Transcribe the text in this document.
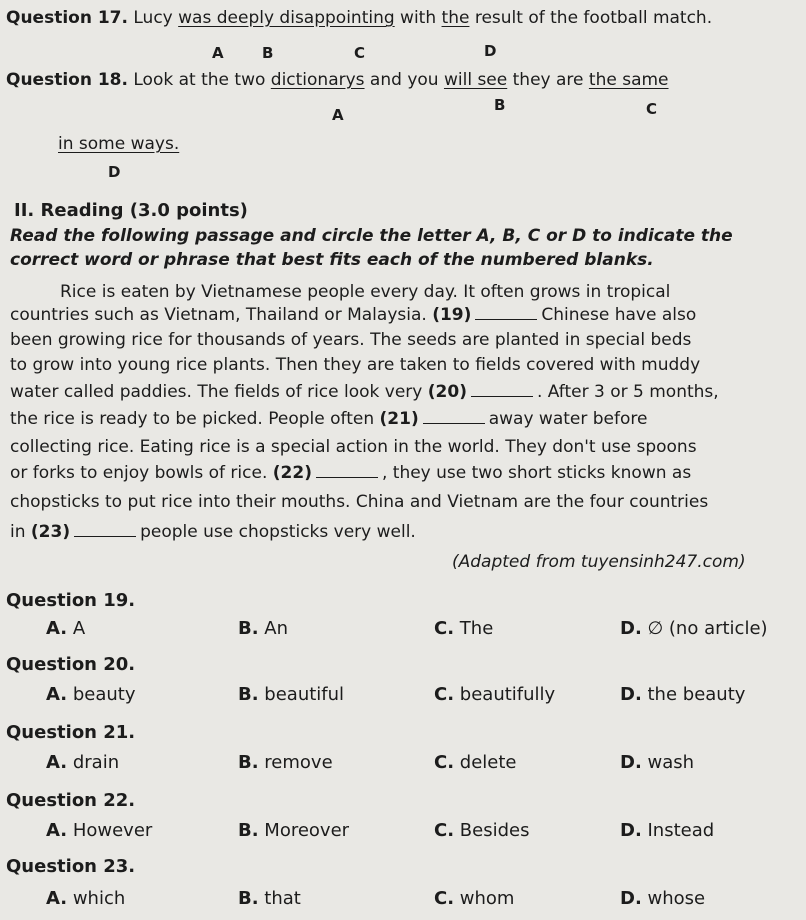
Question 17. Lucy was deeply disappointing with the result of the football match.
A	B	C	D
Question 18. Look at the two dictionarys and you will see they are the same
A
B	C
in some ways.
D
II. Reading (3.0 points)
Read the following passage and circle the letter A, B, C or D to indicate the
correct word or phrase that best fits each of the numbered blanks.
Rice is eaten by Vietnamese people every day. It often grows in tropical
countries such as Vietnam, Thailand or Malaysia. (19)	Chinese have also
been growing rice for thousands of years. The seeds are planted in special beds
to grow into young rice plants. Then they are taken to fields covered with muddy
water called paddies. The fields of rice look very (20)	. After 3 or 5 months,
the rice is ready to be picked. People often (21)	away water before
collecting rice. Eating rice is a special action in the world. They don't use spoons
or forks to enjoy bowls of rice. (22)	, they use two short sticks known as
chopsticks to put rice into their mouths. China and Vietnam are the four countries
in (23)	people use chopsticks very well.
(Adapted from tuyensinh247.com)
Question 19.
A. A	B. An	C. The	D. ∅ (no article)
Question 20.
A. beauty	B. beautiful	C. beautifully	D. the beauty
Question 21.
A. drain	B. remove	C. delete	D. wash
Question 22.
A. However	B. Moreover	C. Besides	D. Instead
Question 23.
A. which	B. that	C. whom	D. whose
